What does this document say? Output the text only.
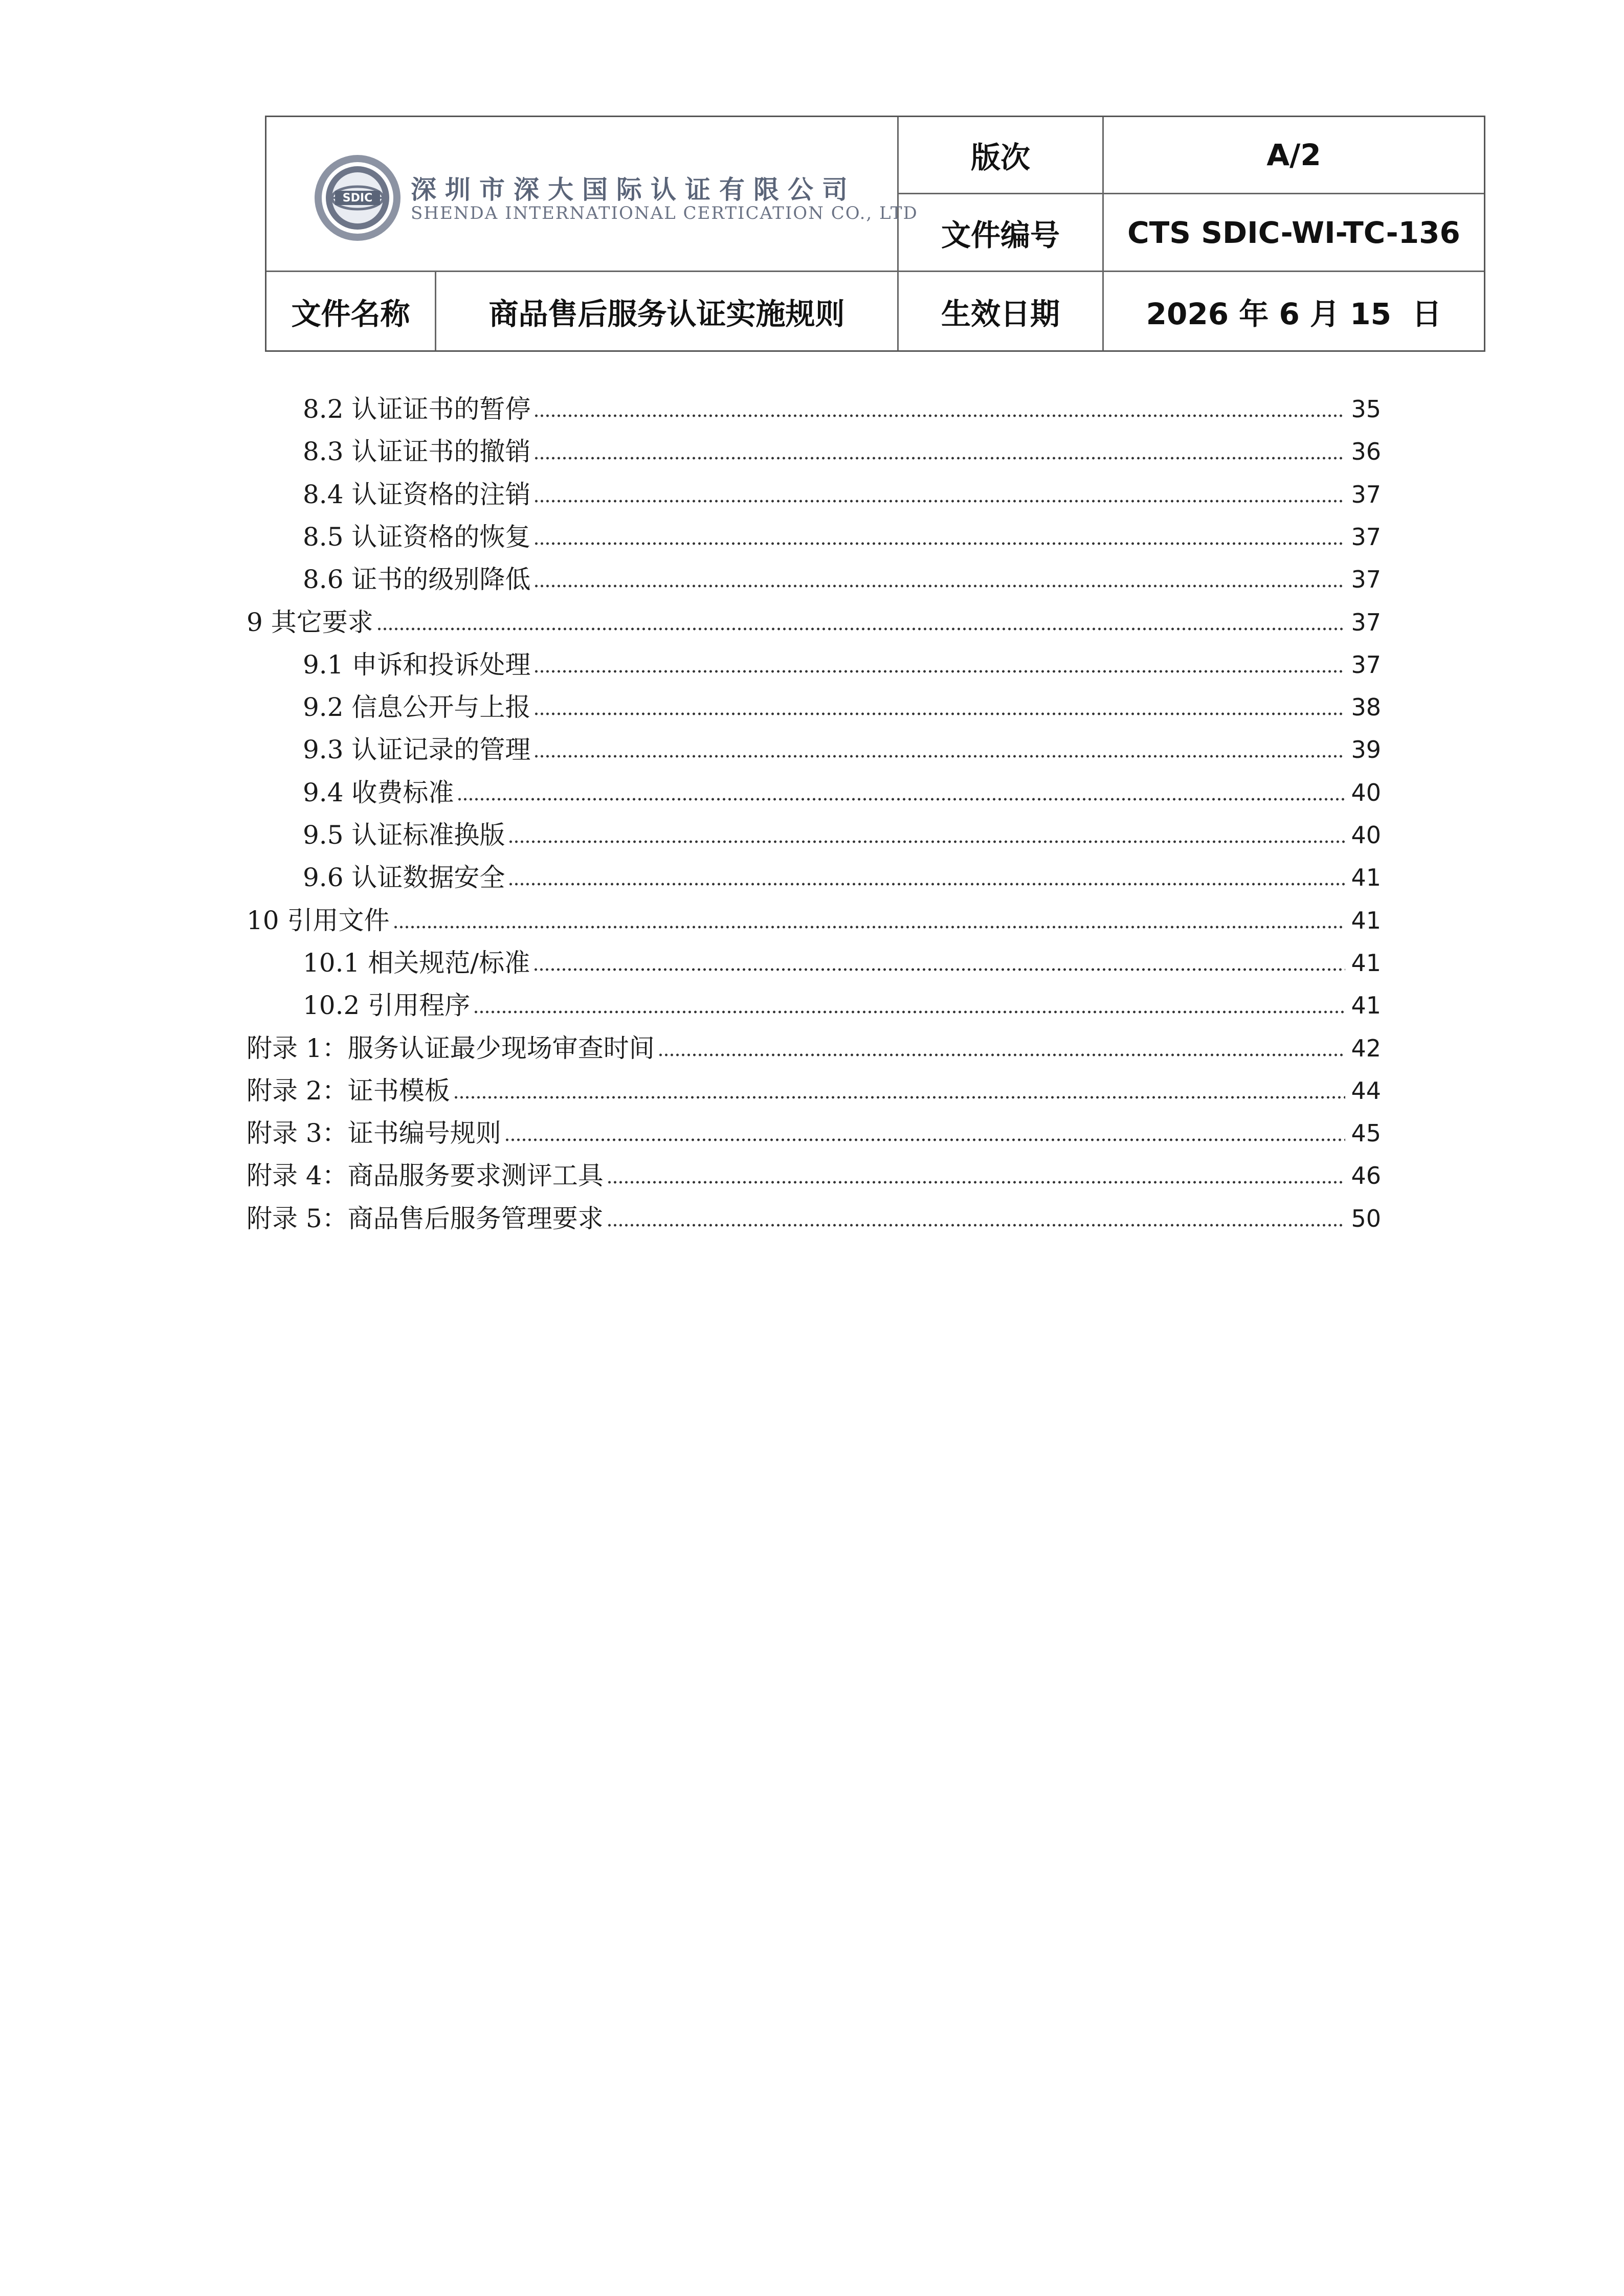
SDIC 深圳市深大国际认证有限公司
SHENDA INTERNATIONAL CERTICATION CO., LTD
版次	A/2
文件编号	CTS SDIC-WI-TC-136
文件名称	商品售后服务认证实施规则	生效日期	2026 年 6 月 15  日
8.2 认证证书的暂停	35
8.3 认证证书的撤销	36
8.4 认证资格的注销	37
8.5 认证资格的恢复	37
8.6 证书的级别降低	37
9 其它要求	37
9.1 申诉和投诉处理	37
9.2 信息公开与上报	38
9.3 认证记录的管理	39
9.4 收费标准	40
9.5 认证标准换版	40
9.6 认证数据安全	41
10 引用文件	41
10.1 相关规范/标准	41
10.2 引用程序	41
附录 1：服务认证最少现场审查时间	42
附录 2：证书模板	44
附录 3：证书编号规则	45
附录 4：商品服务要求测评工具	46
附录 5：商品售后服务管理要求	50
